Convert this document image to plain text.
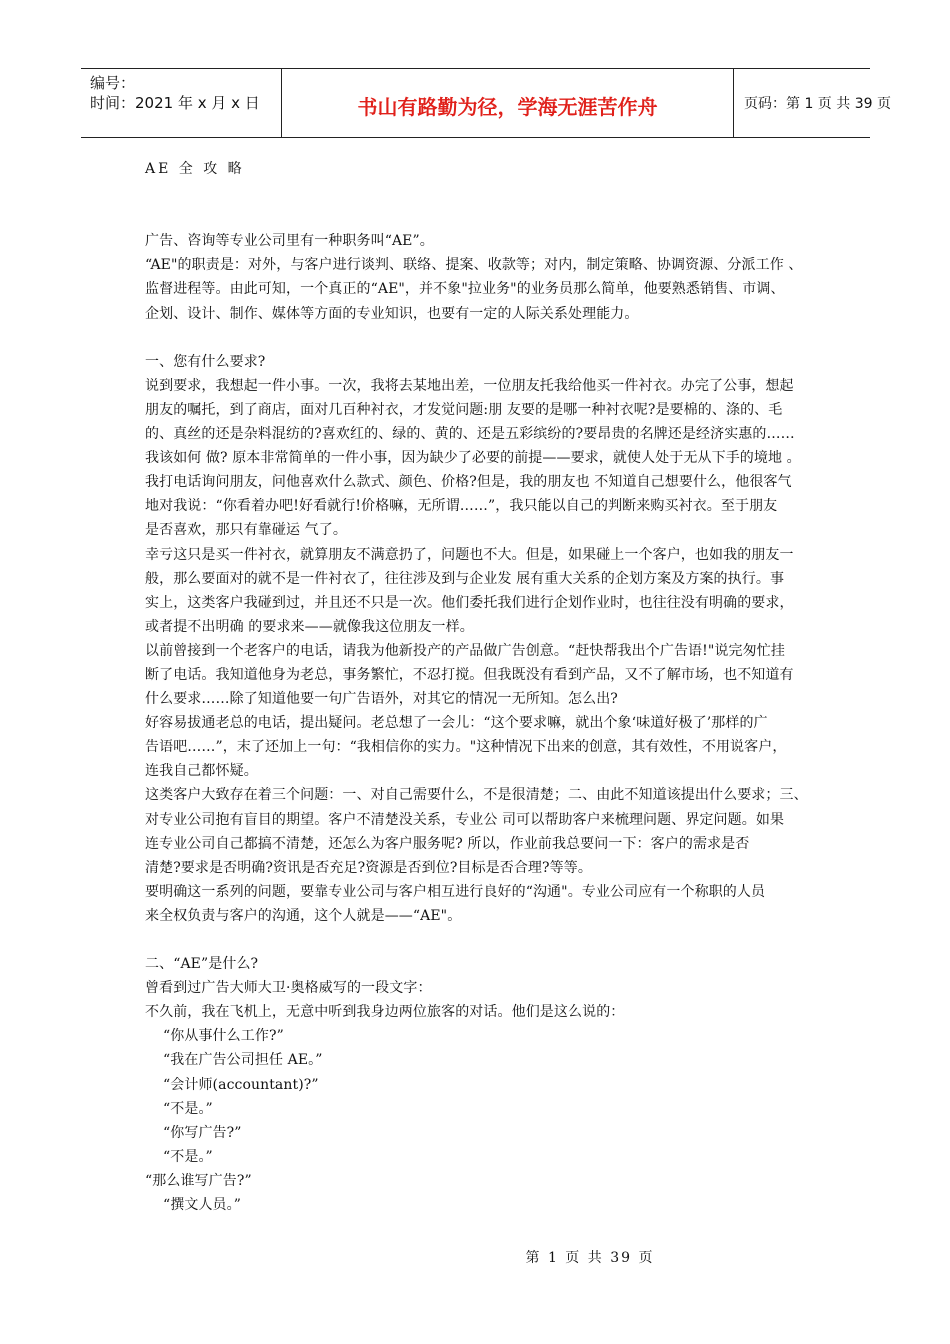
编号：
时间：2021 年 x 月 x 日	书山有路勤为径，学海无涯苦作舟	页码：第 1 页 共 39 页
AE 全 攻 略
广告、咨询等专业公司里有一种职务叫“AE”。
“AE"的职责是：对外，与客户进行谈判、联络、提案、收款等；对内，制定策略、协调资源、分派工作 、
监督进程等。由此可知，一个真正的“AE"，并不象"拉业务"的业务员那么简单，他要熟悉销售、市调、
企划、设计、制作、媒体等方面的专业知识，也要有一定的人际关系处理能力。
一、您有什么要求?
说到要求，我想起一件小事。一次，我将去某地出差，一位朋友托我给他买一件衬衣。办完了公事，想起
朋友的嘱托，到了商店，面对几百种衬衣，才发觉问题:朋 友要的是哪一种衬衣呢?是要棉的、涤的、毛
的、真丝的还是杂料混纺的?喜欢红的、绿的、黄的、还是五彩缤纷的?要昂贵的名牌还是经济实惠的……
我该如何 做? 原本非常简单的一件小事，因为缺少了必要的前提——要求，就使人处于无从下手的境地 。
我打电话询问朋友，问他喜欢什么款式、颜色、价格?但是，我的朋友也 不知道自己想要什么，他很客气
地对我说：“你看着办吧!好看就行!价格嘛，无所谓……”，我只能以自己的判断来购买衬衣。至于朋友
是否喜欢，那只有靠碰运 气了。
幸亏这只是买一件衬衣，就算朋友不满意扔了，问题也不大。但是，如果碰上一个客户，也如我的朋友一
般，那么要面对的就不是一件衬衣了，往往涉及到与企业发 展有重大关系的企划方案及方案的执行。事
实上，这类客户我碰到过，并且还不只是一次。他们委托我们进行企划作业时，也往往没有明确的要求，
或者提不出明确 的要求来——就像我这位朋友一样。
以前曾接到一个老客户的电话，请我为他新投产的产品做广告创意。“赶快帮我出个广告语!"说完匆忙挂
断了电话。我知道他身为老总，事务繁忙，不忍打搅。但我既没有看到产品，又不了解市场，也不知道有
什么要求……除了知道他要一句广告语外，对其它的情况一无所知。怎么出?
好容易拔通老总的电话，提出疑问。老总想了一会儿：“这个要求嘛，就出个象‘味道好极了’那样的广
告语吧……”，末了还加上一句：“我相信你的实力。"这种情况下出来的创意，其有效性，不用说客户，
连我自己都怀疑。
这类客户大致存在着三个问题：一、对自己需要什么，不是很清楚；二、由此不知道该提出什么要求；三、
对专业公司抱有盲目的期望。客户不清楚没关系，专业公 司可以帮助客户来梳理问题、界定问题。如果
连专业公司自己都搞不清楚，还怎么为客户服务呢? 所以，作业前我总要问一下：客户的需求是否
清楚?要求是否明确?资讯是否充足?资源是否到位?目标是否合理?等等。
要明确这一系列的问题，要靠专业公司与客户相互进行良好的“沟通"。专业公司应有一个称职的人员
来全权负责与客户的沟通，这个人就是——“AE"。
二、“AE”是什么?
曾看到过广告大师大卫·奥格威写的一段文字：
不久前，我在飞机上，无意中听到我身边两位旅客的对话。他们是这么说的：
“你从事什么工作?”
“我在广告公司担任 AE。”
“会计师(accountant)?”
“不是。”
“你写广告?”
“不是。”
“那么谁写广告?”
“撰文人员。”
第 1 页 共 39 页
